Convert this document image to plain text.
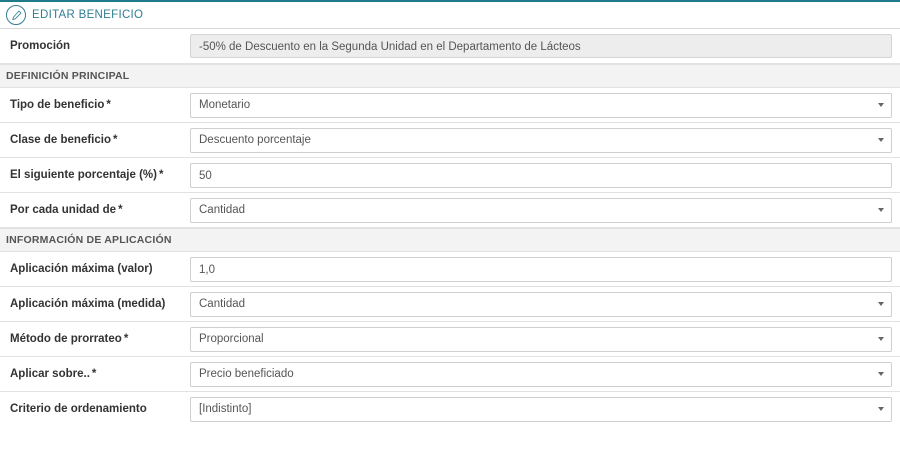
EDITAR BENEFICIO
Promoción	-50% de Descuento en la Segunda Unidad en el Departamento de Lácteos
DEFINICIÓN PRINCIPAL
Tipo de beneficio *	Monetario
Clase de beneficio *	Descuento porcentaje
El siguiente porcentaje (%) *	50
Por cada unidad de *	Cantidad
INFORMACIÓN DE APLICACIÓN
Aplicación máxima (valor)	1,0
Aplicación máxima (medida)	Cantidad
Método de prorrateo *	Proporcional
Aplicar sobre.. *	Precio beneficiado
Criterio de ordenamiento	[Indistinto]
